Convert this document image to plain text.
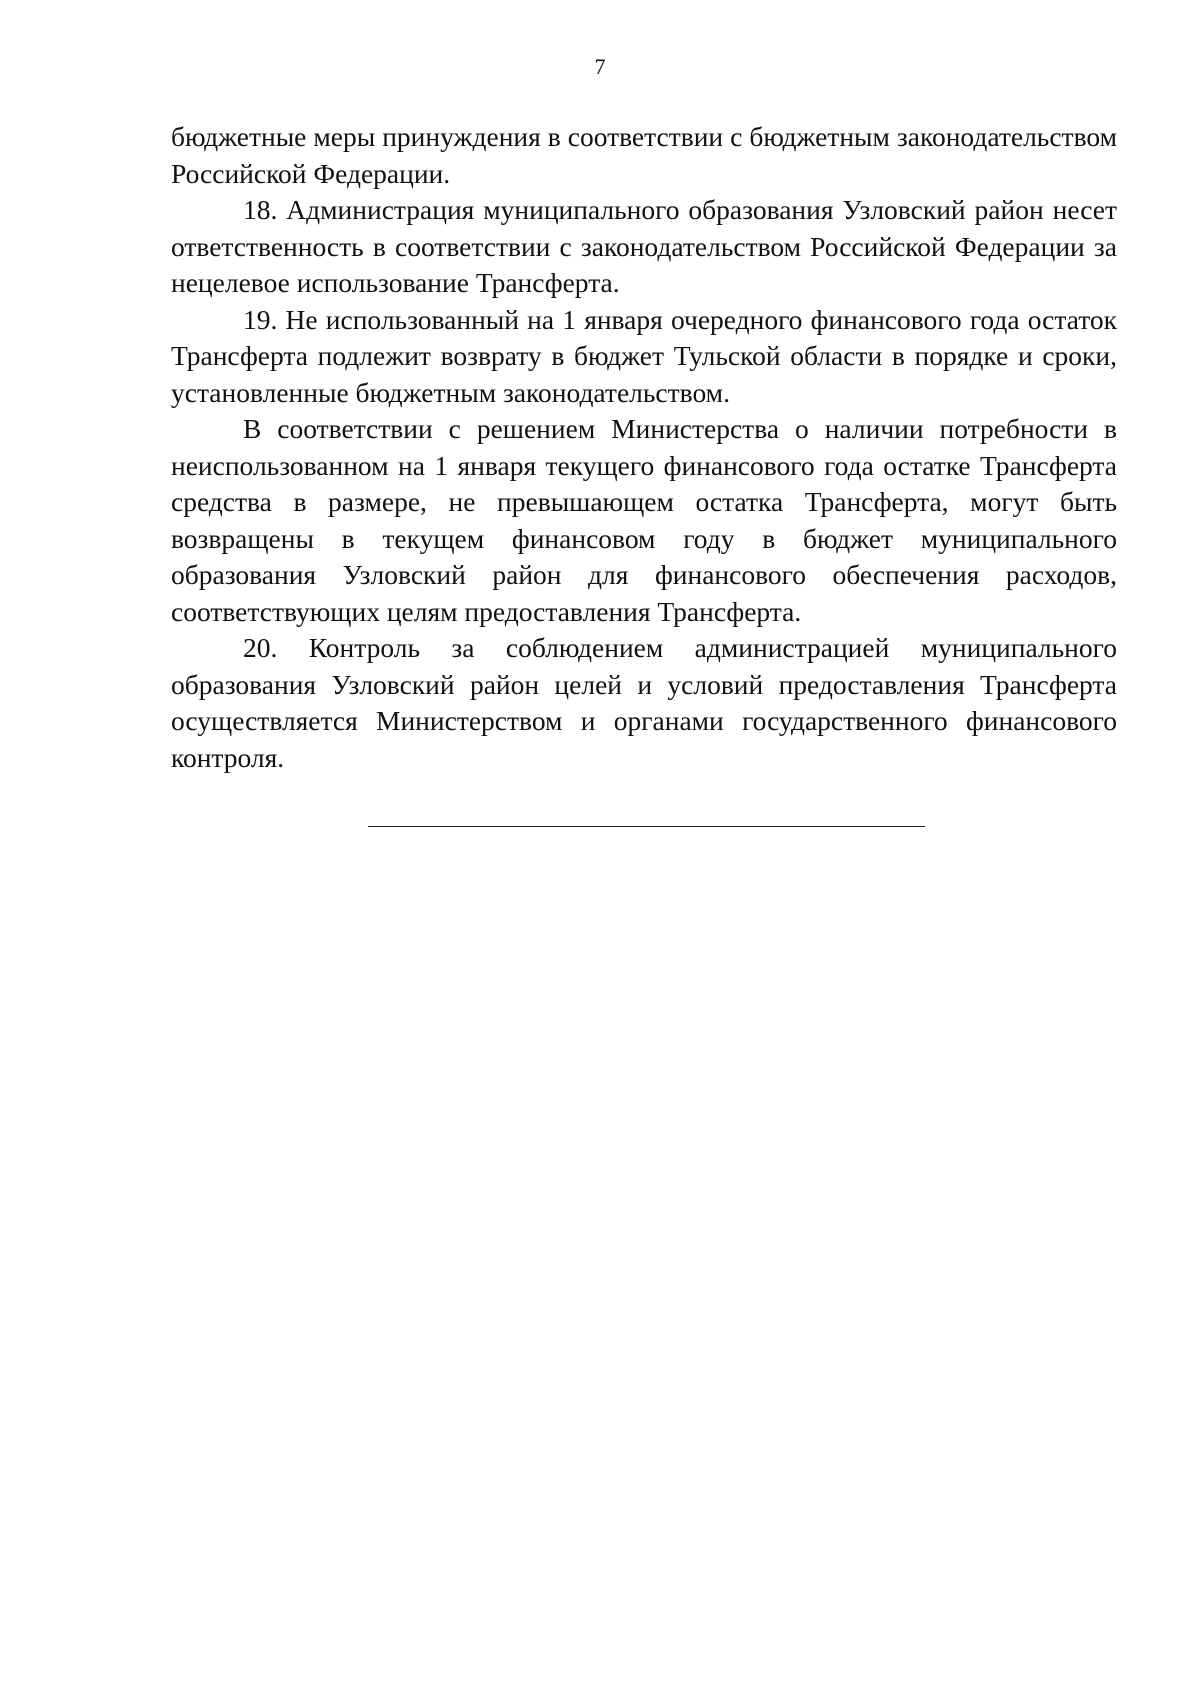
7

бюджетные меры принуждения в соответствии с бюджетным законодательством Российской Федерации.

18. Администрация муниципального образования Узловский район несет ответственность в соответствии с законодательством Российской Федерации за нецелевое использование Трансферта.

19. Не использованный на 1 января очередного финансового года остаток Трансферта подлежит возврату в бюджет Тульской области в порядке и сроки, установленные бюджетным законодательством.

В соответствии с решением Министерства о наличии потребности в неиспользованном на 1 января текущего финансового года остатке Трансферта средства в размере, не превышающем остатка Трансферта, могут быть возвращены в текущем финансовом году в бюджет муниципального образования Узловский район для финансового обеспечения расходов, соответствующих целям предоставления Трансферта.

20. Контроль за соблюдением администрацией муниципального образования Узловский район целей и условий предоставления Трансферта осуществляется Министерством и органами государственного финансового контроля.
